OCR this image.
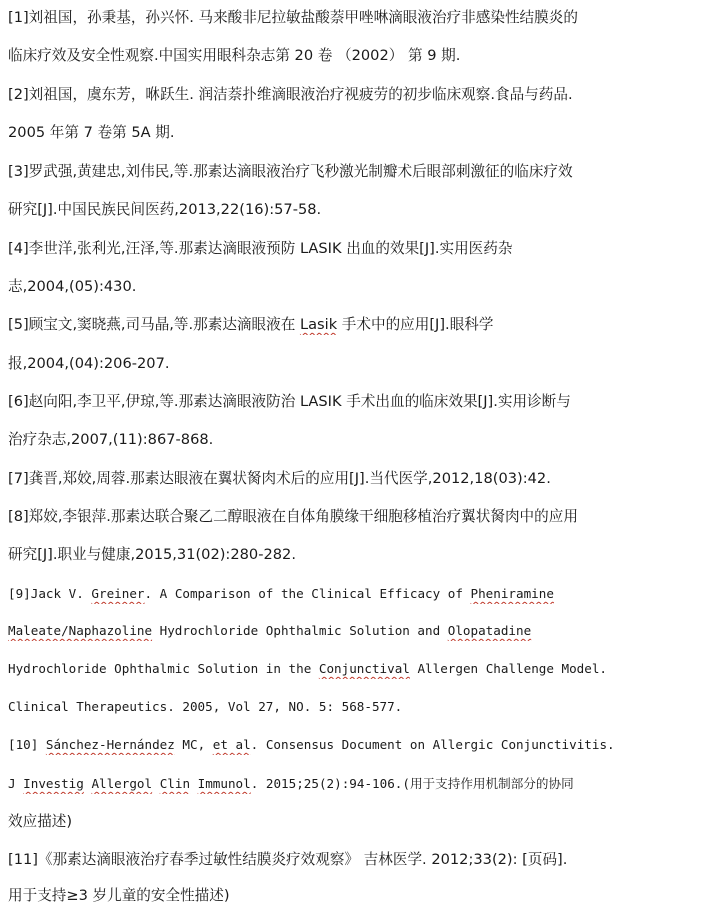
[1]刘祖国，孙秉基，孙兴怀. 马来酸非尼拉敏盐酸萘甲唑啉滴眼液治疗非感染性结膜炎的
临床疗效及安全性观察.中国实用眼科杂志第 20 卷 （2002） 第 9 期.
[2]刘祖国，虞东芳，咻跃生. 润洁萘扑维滴眼液治疗视疲劳的初步临床观察.食品与药品.
2005 年第 7 卷第 5A 期.
[3]罗武强,黄建忠,刘伟民,等.那素达滴眼液治疗飞秒激光制瓣术后眼部刺激征的临床疗效
研究[J].中国民族民间医药,2013,22(16):57-58.
[4]李世洋,张利光,汪泽,等.那素达滴眼液预防 LASIK 出血的效果[J].实用医药杂
志,2004,(05):430.
[5]顾宝文,窦晓燕,司马晶,等.那素达滴眼液在 Lasik 手术中的应用[J].眼科学
报,2004,(04):206-207.
[6]赵向阳,李卫平,伊琼,等.那素达滴眼液防治 LASIK 手术出血的临床效果[J].实用诊断与
治疗杂志,2007,(11):867-868.
[7]龚晋,郑姣,周蓉.那素达眼液在翼状胬肉术后的应用[J].当代医学,2012,18(03):42.
[8]郑姣,李银萍.那素达联合聚乙二醇眼液在自体角膜缘干细胞移植治疗翼状胬肉中的应用
研究[J].职业与健康,2015,31(02):280-282.
[9]Jack V. Greiner. A Comparison of the Clinical Efficacy of Pheniramine
Maleate/Naphazoline Hydrochloride Ophthalmic Solution and Olopatadine
Hydrochloride Ophthalmic Solution in the Conjunctival Allergen Challenge Model.
Clinical Therapeutics. 2005, Vol 27, NO. 5: 568-577.
[10] Sánchez-Hernández MC, et al. Consensus Document on Allergic Conjunctivitis.
J Investig Allergol Clin Immunol. 2015;25(2):94-106.(用于支持作用机制部分的协同
效应描述)
[11]《那素达滴眼液治疗春季过敏性结膜炎疗效观察》 吉林医学. 2012;33(2): [页码].
用于支持≥3 岁儿童的安全性描述)
